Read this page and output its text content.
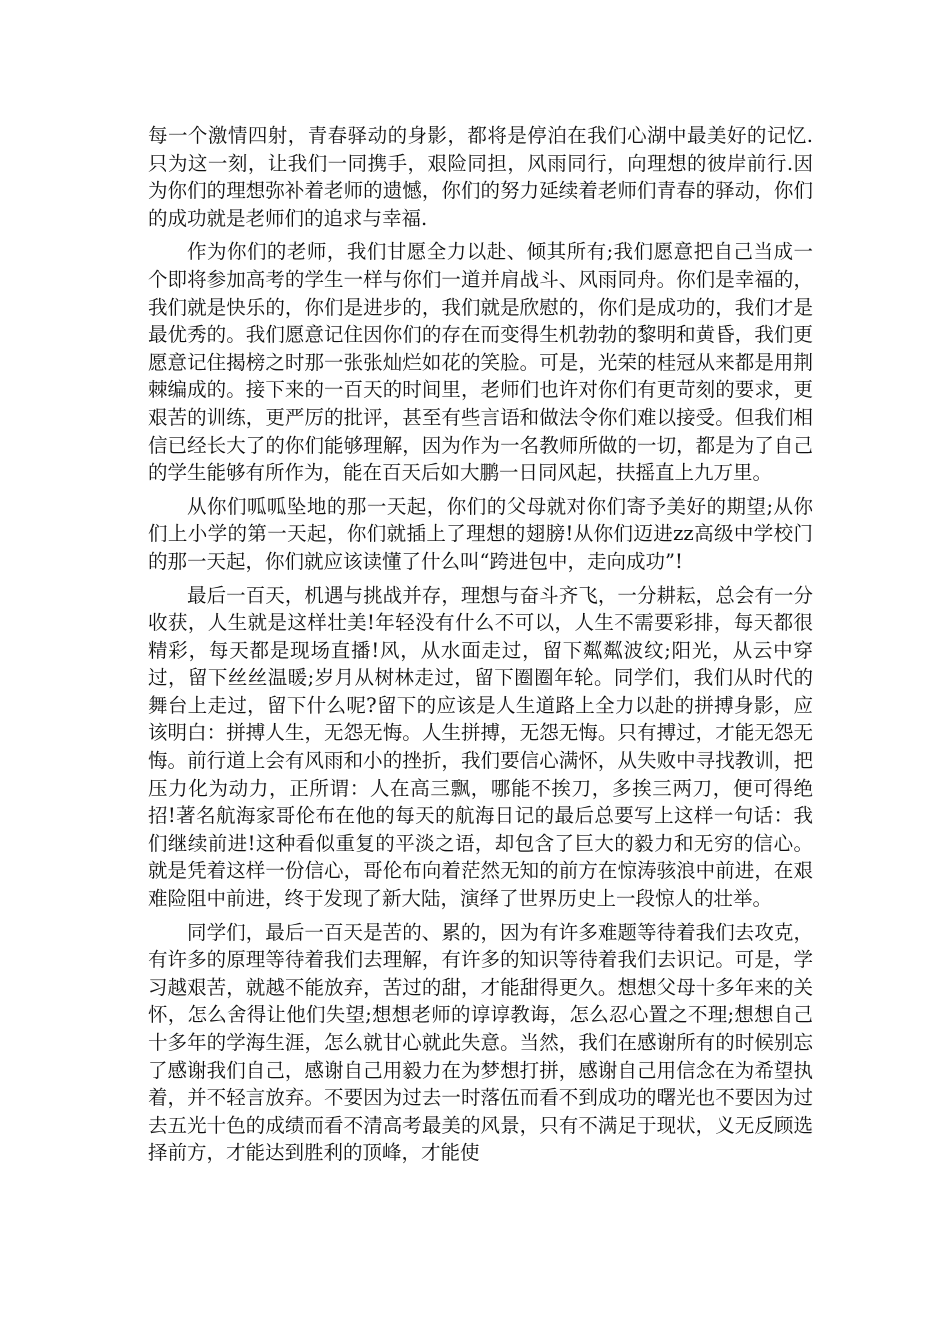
每一个激情四射，青春驿动的身影，都将是停泊在我们心湖中最美好的记忆.只为这一刻，让我们一同携手，艰险同担，风雨同行，向理想的彼岸前行.因为你们的理想弥补着老师的遗憾，你们的努力延续着老师们青春的驿动，你们的成功就是老师们的追求与幸福.

作为你们的老师，我们甘愿全力以赴、倾其所有;我们愿意把自己当成一个即将参加高考的学生一样与你们一道并肩战斗、风雨同舟。你们是幸福的，我们就是快乐的，你们是进步的，我们就是欣慰的，你们是成功的，我们才是最优秀的。我们愿意记住因你们的存在而变得生机勃勃的黎明和黄昏，我们更愿意记住揭榜之时那一张张灿烂如花的笑脸。可是，光荣的桂冠从来都是用荆棘编成的。接下来的一百天的时间里，老师们也许对你们有更苛刻的要求，更艰苦的训练，更严厉的批评，甚至有些言语和做法令你们难以接受。但我们相信已经长大了的你们能够理解，因为作为一名教师所做的一切，都是为了自己的学生能够有所作为，能在百天后如大鹏一日同风起，扶摇直上九万里。

从你们呱呱坠地的那一天起，你们的父母就对你们寄予美好的期望;从你们上小学的第一天起，你们就插上了理想的翅膀!从你们迈进zz高级中学校门的那一天起，你们就应该读懂了什么叫“跨进包中，走向成功”!

最后一百天，机遇与挑战并存，理想与奋斗齐飞，一分耕耘，总会有一分收获，人生就是这样壮美!年轻没有什么不可以，人生不需要彩排，每天都很精彩，每天都是现场直播!风，从水面走过，留下粼粼波纹;阳光，从云中穿过，留下丝丝温暖;岁月从树林走过，留下圈圈年轮。同学们，我们从时代的舞台上走过，留下什么呢?留下的应该是人生道路上全力以赴的拼搏身影，应该明白：拼搏人生，无怨无悔。人生拼搏，无怨无悔。只有搏过，才能无怨无悔。前行道上会有风雨和小的挫折，我们要信心满怀，从失败中寻找教训，把压力化为动力，正所谓：人在高三飘，哪能不挨刀，多挨三两刀，便可得绝招!著名航海家哥伦布在他的每天的航海日记的最后总要写上这样一句话：我们继续前进!这种看似重复的平淡之语，却包含了巨大的毅力和无穷的信心。就是凭着这样一份信心，哥伦布向着茫然无知的前方在惊涛骇浪中前进，在艰难险阻中前进，终于发现了新大陆，演绎了世界历史上一段惊人的壮举。

同学们，最后一百天是苦的、累的，因为有许多难题等待着我们去攻克，有许多的原理等待着我们去理解，有许多的知识等待着我们去识记。可是，学习越艰苦，就越不能放弃，苦过的甜，才能甜得更久。想想父母十多年来的关怀，怎么舍得让他们失望;想想老师的谆谆教诲，怎么忍心置之不理;想想自己十多年的学海生涯，怎么就甘心就此失意。当然，我们在感谢所有的时候别忘了感谢我们自己，感谢自己用毅力在为梦想打拼，感谢自己用信念在为希望执着，并不轻言放弃。不要因为过去一时落伍而看不到成功的曙光也不要因为过去五光十色的成绩而看不清高考最美的风景，只有不满足于现状，义无反顾选择前方，才能达到胜利的顶峰，才能使
